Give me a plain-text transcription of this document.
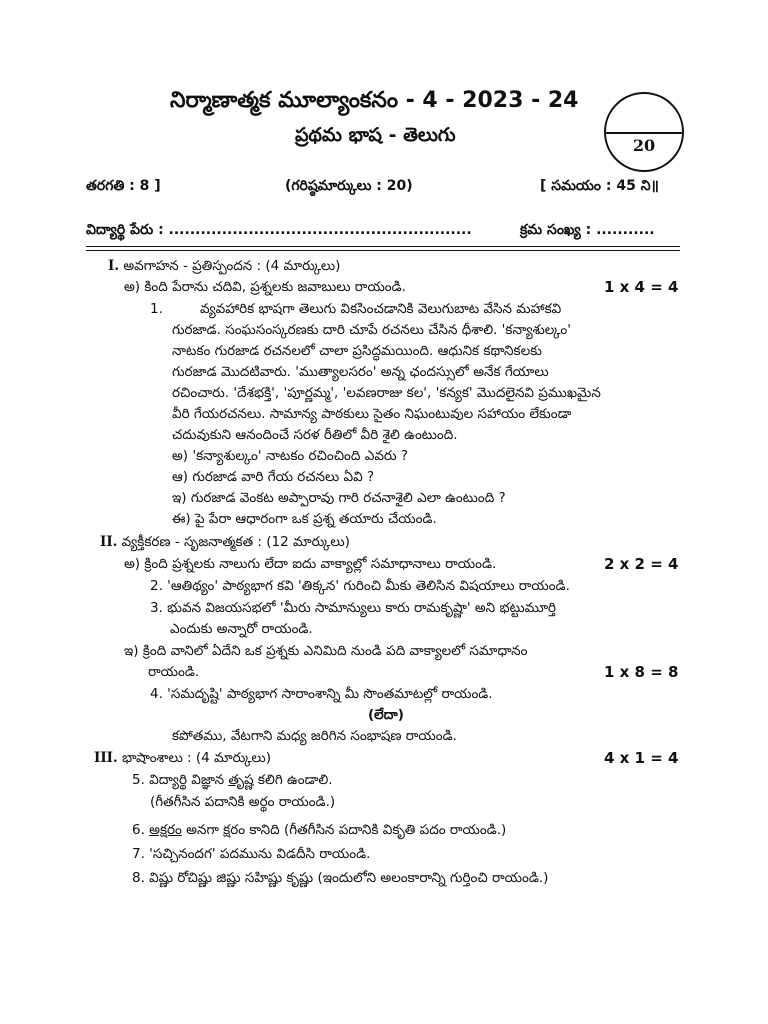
నిర్మాణాత్మక మూల్యాంకనం - 4 - 2023 - 24
ప్రథమ భాష - తెలుగు	20
తరగతి : 8 ]	(గరిష్ఠమార్కులు : 20)	[ సమయం : 45 ని॥
విద్యార్థి పేరు : .........................................................	క్రమ సంఖ్య : ...........
I. అవగాహన - ప్రతిస్పందన : (4 మార్కులు)
అ) కింది పేరాను చదివి, ప్రశ్నలకు జవాబులు రాయండి.	1 x 4 = 4
1.	వ్యవహారిక భాషగా తెలుగు వికసించడానికి వెలుగుబాట వేసిన మహాకవి
గురజాడ. సంఘసంస్కరణకు దారి చూపే రచనలు చేసిన ధీశాలి. 'కన్యాశుల్కం'
నాటకం గురజాడ రచనలలో చాలా ప్రసిద్ధమయింది. ఆధునిక కథానికలకు
గురజాడ మొదటివారు. 'ముత్యాలసరం' అన్న ఛందస్సులో అనేక గేయాలు
రచించారు. 'దేశభక్తి', 'పూర్ణమ్మ', 'లవణరాజు కల', 'కన్యక' మొదలైనవి ప్రముఖమైన
వీరి గేయరచనలు. సామాన్య పాఠకులు సైతం నిఘంటువుల సహాయం లేకుండా
చదువుకుని ఆనందించే సరళ రీతిలో వీరి శైలి ఉంటుంది.
అ) 'కన్యాశుల్కం' నాటకం రచించింది ఎవరు ?
ఆ) గురజాడ వారి గేయ రచనలు ఏవి ?
ఇ) గురజాడ వెంకట అప్పారావు గారి రచనాశైలి ఎలా ఉంటుంది ?
ఈ) పై పేరా ఆధారంగా ఒక ప్రశ్న తయారు చేయండి.
II. వ్యక్తీకరణ - సృజనాత్మకత : (12 మార్కులు)
అ) క్రింది ప్రశ్నలకు నాలుగు లేదా ఐదు వాక్యాల్లో సమాధానాలు రాయండి.	2 x 2 = 4
2. 'ఆతిథ్యం' పాఠ్యభాగ కవి 'తిక్కన' గురించి మీకు తెలిసిన విషయాలు రాయండి.
3. భువన విజయసభలో 'మీరు సామాన్యులు కారు రామకృష్ణా' అని భట్టుమూర్తి
ఎందుకు అన్నారో రాయండి.
ఇ) క్రింది వానిలో ఏదేని ఒక ప్రశ్నకు ఎనిమిది నుండి పది వాక్యాలలో సమాధానం
రాయండి.	1 x 8 = 8
4. 'సమదృష్టి' పాఠ్యభాగ సారాంశాన్ని మీ సొంతమాటల్లో రాయండి.
(లేదా)
కపోతము, వేటగాని మధ్య జరిగిన సంభాషణ రాయండి.
III. భాషాంశాలు : (4 మార్కులు)	4 x 1 = 4
5. విద్యార్థి విజ్ఞాన తృష్ణ కలిగి ఉండాలి.
(గీతగీసిన పదానికి అర్థం రాయండి.)
6. అక్షరం అనగా క్షరం కానిది (గీతగీసిన పదానికి వికృతి పదం రాయండి.)
7. 'సచ్చినందగ' పదమును విడదీసి రాయండి.
8. విష్ణు రోచిష్ణు జిష్ణు సహిష్ణు కృష్ణు (ఇందులోని అలంకారాన్ని గుర్తించి రాయండి.)
